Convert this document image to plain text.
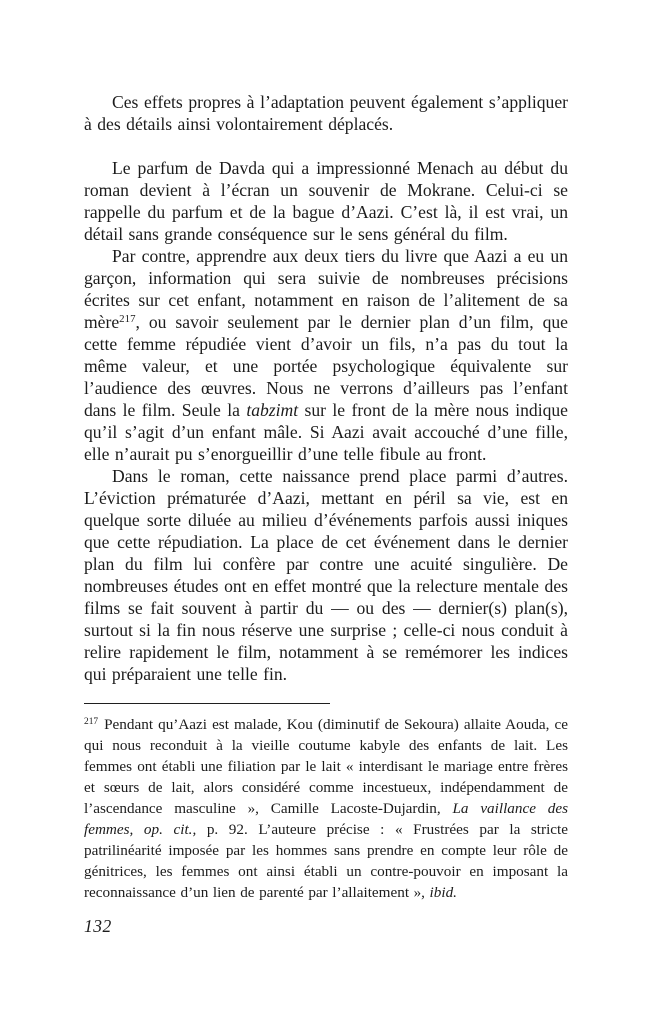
Ces effets propres à l’adaptation peuvent également s’appliquer à des détails ainsi volontairement déplacés.

Le parfum de Davda qui a impressionné Menach au début du roman devient à l’écran un souvenir de Mokrane. Celui-ci se rappelle du parfum et de la bague d’Aazi. C’est là, il est vrai, un détail sans grande conséquence sur le sens général du film.

Par contre, apprendre aux deux tiers du livre que Aazi a eu un garçon, information qui sera suivie de nombreuses précisions écrites sur cet enfant, notamment en raison de l’alitement de sa mère$^{217}$, ou savoir seulement par le dernier plan d’un film, que cette femme répudiée vient d’avoir un fils, n’a pas du tout la même valeur, et une portée psychologique équivalente sur l’audience des œuvres. Nous ne verrons d’ailleurs pas l’enfant dans le film. Seule la tabzimt sur le front de la mère nous indique qu’il s’agit d’un enfant mâle. Si Aazi avait accouché d’une fille, elle n’aurait pu s’enorgueillir d’une telle fibule au front.

Dans le roman, cette naissance prend place parmi d’autres. L’éviction prématurée d’Aazi, mettant en péril sa vie, est en quelque sorte diluée au milieu d’événements parfois aussi iniques que cette répudiation. La place de cet événement dans le dernier plan du film lui confère par contre une acuité singulière. De nombreuses études ont en effet montré que la relecture mentale des films se fait souvent à partir du — ou des — dernier(s) plan(s), surtout si la fin nous réserve une surprise ; celle-ci nous conduit à relire rapidement le film, notamment à se remémorer les indices qui préparaient une telle fin.

$^{217}$ Pendant qu’Aazi est malade, Kou (diminutif de Sekoura) allaite Aouda, ce qui nous reconduit à la vieille coutume kabyle des enfants de lait. Les femmes ont établi une filiation par le lait « interdisant le mariage entre frères et sœurs de lait, alors considéré comme incestueux, indépendamment de l’ascendance masculine », Camille Lacoste-Dujardin, La vaillance des femmes, op. cit., p. 92. L’auteure précise : « Frustrées par la stricte patrilinéarité imposée par les hommes sans prendre en compte leur rôle de génitrices, les femmes ont ainsi établi un contre-pouvoir en imposant la reconnaissance d’un lien de parenté par l’allaitement », ibid.

132
